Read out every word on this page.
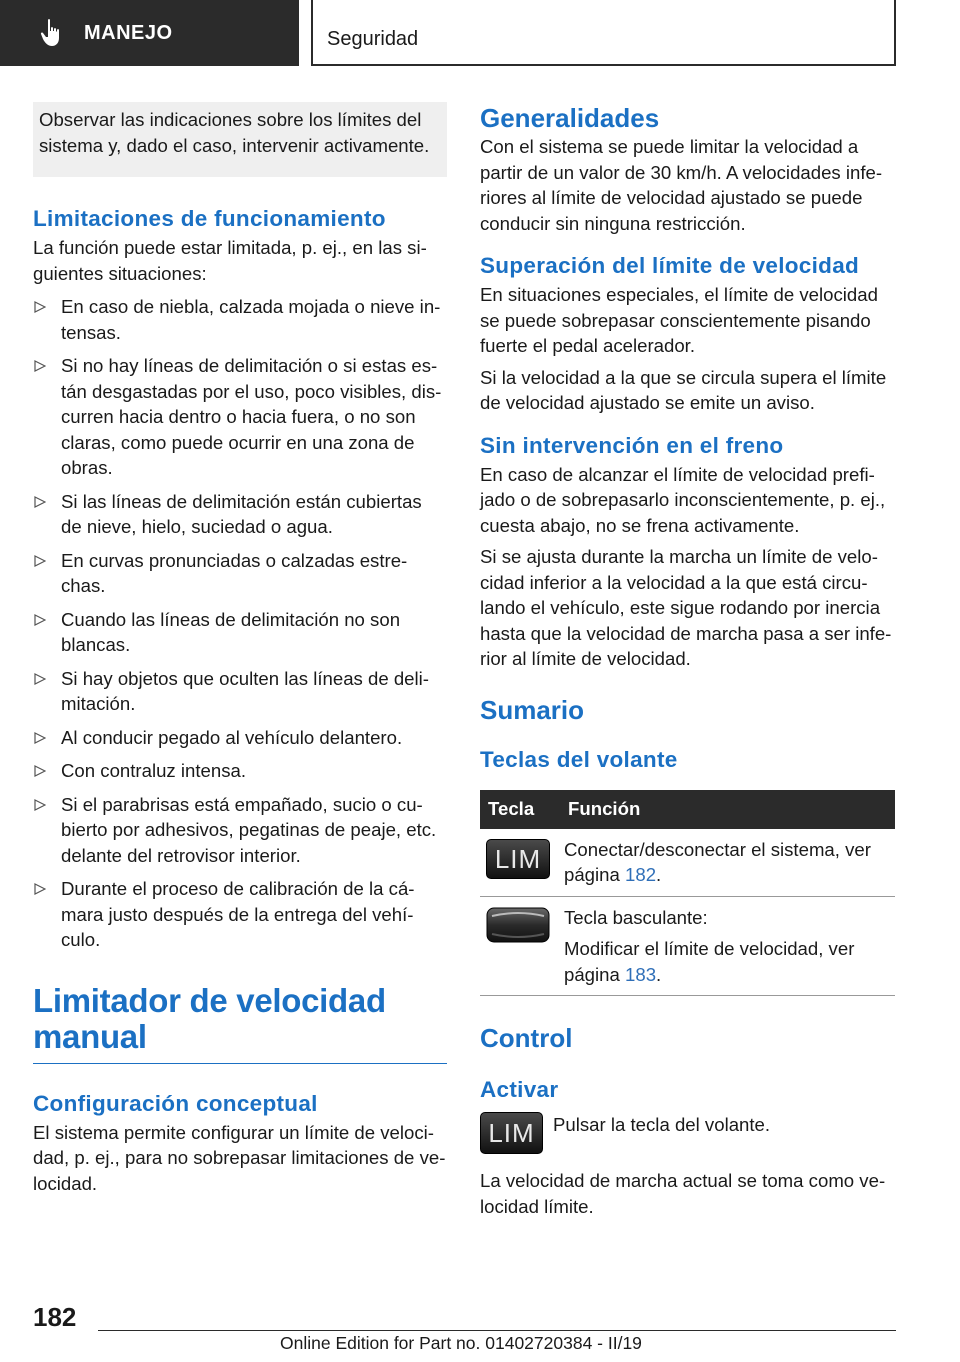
MANEJO	Seguridad

Observar las indicaciones sobre los límites del sistema y, dado el caso, intervenir activamente.

Limitaciones de funcionamiento

La función puede estar limitada, p. ej., en las si-guientes situaciones:

En caso de niebla, calzada mojada o nieve in-tensas.
Si no hay líneas de delimitación o si estas es-tán desgastadas por el uso, poco visibles, dis-curren hacia dentro o hacia fuera, o no son claras, como puede ocurrir en una zona de obras.
Si las líneas de delimitación están cubiertas de nieve, hielo, suciedad o agua.
En curvas pronunciadas o calzadas estre-chas.
Cuando las líneas de delimitación no son blancas.
Si hay objetos que oculten las líneas de deli-mitación.
Al conducir pegado al vehículo delantero.
Con contraluz intensa.
Si el parabrisas está empañado, sucio o cu-bierto por adhesivos, pegatinas de peaje, etc. delante del retrovisor interior.
Durante el proceso de calibración de la cá-mara justo después de la entrega del vehí-culo.
Limitador de velocidad manual
Configuración conceptual

El sistema permite configurar un límite de veloci-dad, p. ej., para no sobrepasar limitaciones de ve-locidad.

Generalidades

Con el sistema se puede limitar la velocidad a partir de un valor de 30 km/h. A velocidades infe-riores al límite de velocidad ajustado se puede conducir sin ninguna restricción.

Superación del límite de velocidad

En situaciones especiales, el límite de velocidad se puede sobrepasar conscientemente pisando fuerte el pedal acelerador.

Si la velocidad a la que se circula supera el límite de velocidad ajustado se emite un aviso.

Sin intervención en el freno

En caso de alcanzar el límite de velocidad prefi-jado o de sobrepasarlo inconscientemente, p. ej., cuesta abajo, no se frena activamente.

Si se ajusta durante la marcha un límite de velo-cidad inferior a la velocidad a la que está circu-lando el vehículo, este sigue rodando por inercia hasta que la velocidad de marcha pasa a ser infe-rior al límite de velocidad.

Sumario
Teclas del volante
Tecla	Función

LIM	Conectar/desconectar el sistema, ver página 182.

Tecla basculante:

Modificar el límite de velocidad, ver página 183.

Control
Activar
LIM Pulsar la tecla del volante.

La velocidad de marcha actual se toma como ve-locidad límite.

182
Online Edition for Part no. 01402720384 - II/19
